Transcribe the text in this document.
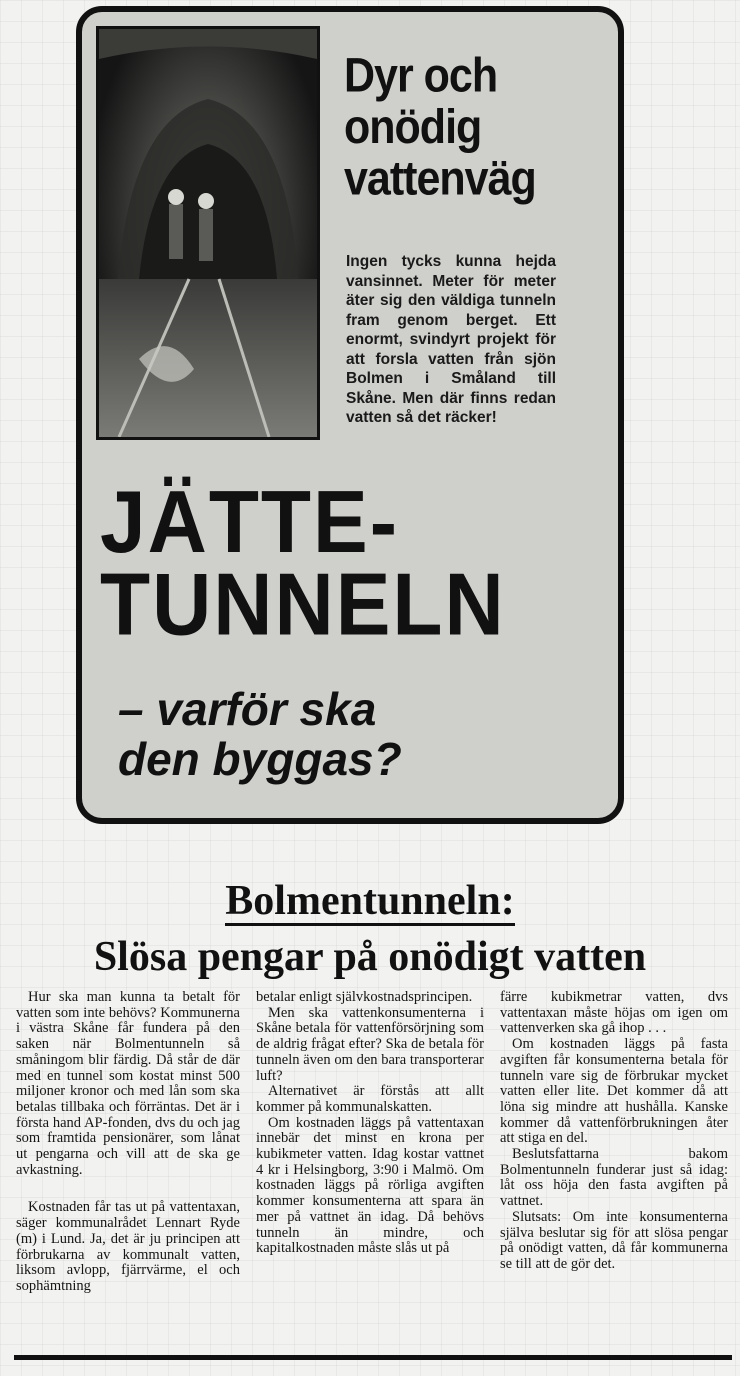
Dyr och
onödig
vattenväg

Ingen tycks kunna hejda vansinnet. Meter för meter äter sig den väldiga tunneln fram genom berget. Ett enormt, svindyrt projekt för att forsla vatten från sjön Bolmen i Småland till Skåne. Men där finns redan vatten så det räcker!

JÄTTE-
TUNNELN
– varför ska
den byggas?
Bolmentunneln:
Slösa pengar på onödigt vatten

Hur ska man kunna ta betalt för vatten som inte behövs? Kommunerna i västra Skåne får fundera på den saken när Bolmentunneln så småningom blir färdig. Då står de där med en tunnel som kostat minst 500 miljoner kronor och med lån som ska betalas tillbaka och förräntas. Det är i första hand AP-fonden, dvs du och jag som framtida pensionärer, som lånat ut pengarna och vill att de ska ge avkastning.

Kostnaden får tas ut på vattentaxan, säger kommunalrådet Lennart Ryde (m) i Lund. Ja, det är ju principen att förbrukarna av kommunalt vatten, liksom avlopp, fjärrvärme, el och sophämtning

betalar enligt självkostnadsprincipen.

Men ska vattenkonsumenterna i Skåne betala för vattenförsörjning som de aldrig frågat efter? Ska de betala för tunneln även om den bara transporterar luft?

Alternativet är förstås att allt kommer på kommunalskatten.

Om kostnaden läggs på vattentaxan innebär det minst en krona per kubikmeter vatten. Idag kostar vattnet 4 kr i Helsingborg, 3:90 i Malmö. Om kostnaden läggs på rörliga avgiften kommer konsumenterna att spara än mer på vattnet än idag. Då behövs tunneln än mindre, och kapitalkostnaden måste slås ut på

färre kubikmetrar vatten, dvs vattentaxan måste höjas om igen om vattenverken ska gå ihop . . .

Om kostnaden läggs på fasta avgiften får konsumenterna betala för tunneln vare sig de förbrukar mycket vatten eller lite. Det kommer då att löna sig mindre att hushålla. Kanske kommer då vattenförbrukningen åter att stiga en del.

Beslutsfattarna bakom Bolmentunneln funderar just så idag: låt oss höja den fasta avgiften på vattnet.

Slutsats: Om inte konsumenterna själva beslutar sig för att slösa pengar på onödigt vatten, då får kommunerna se till att de gör det.
